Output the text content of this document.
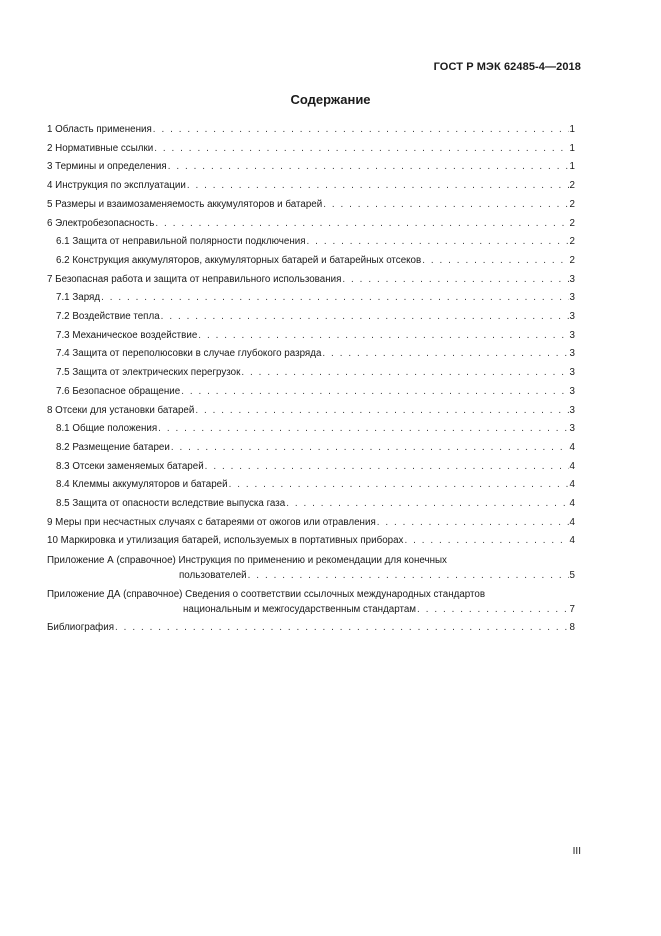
ГОСТ Р МЭК 62485-4—2018
Содержание
1 Область применения . . .	1
2 Нормативные ссылки . . .	1
3 Термины и определения . . .	1
4 Инструкция по эксплуатации . . .	2
5 Размеры и взаимозаменяемость аккумуляторов и батарей . . .	2
6 Электробезопасность . . .	2
6.1 Защита от неправильной полярности подключения . . .	2
6.2 Конструкция аккумуляторов, аккумуляторных батарей и батарейных отсеков . . .	2
7 Безопасная работа и защита от неправильного использования . . .	3
7.1 Заряд . . .	3
7.2 Воздействие тепла . . .	3
7.3 Механическое воздействие . . .	3
7.4 Защита от переполюсовки в случае глубокого разряда . . .	3
7.5 Защита от электрических перегрузок . . .	3
7.6 Безопасное обращение . . .	3
8 Отсеки для установки батарей . . .	3
8.1 Общие положения . . .	3
8.2 Размещение батареи . . .	4
8.3 Отсеки заменяемых батарей . . .	4
8.4 Клеммы аккумуляторов и батарей . . .	4
8.5 Защита от опасности вследствие выпуска газа . . .	4
9 Меры при несчастных случаях с батареями от ожогов или отравления . . .	4
10 Маркировка и утилизация батарей, используемых в портативных приборах . . .	4
Приложение А (справочное) Инструкция по применению и рекомендации для конечных
пользователей . . .	5
Приложение ДА (справочное) Сведения о соответствии ссылочных международных стандартов
национальным и межгосударственным стандартам . . .	7
Библиография . . .	8
III
